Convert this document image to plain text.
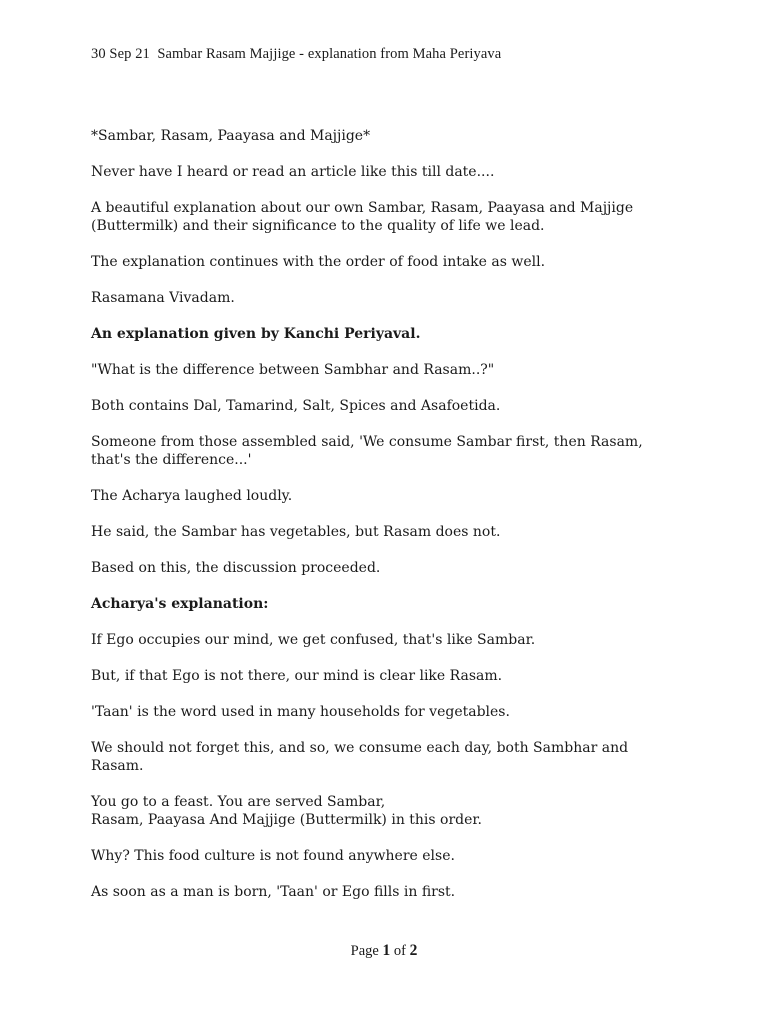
30 Sep 21  Sambar Rasam Majjige - explanation from Maha Periyava

*Sambar, Rasam, Paayasa and Majjige*

Never have I heard or read an article like this till date....

A beautiful explanation about our own Sambar, Rasam, Paayasa and Majjige
(Buttermilk) and their significance to the quality of life we lead.

The explanation continues with the order of food intake as well.

Rasamana Vivadam.

An explanation given by Kanchi Periyaval.

"What is the difference between Sambhar and Rasam..?"

Both contains Dal, Tamarind, Salt, Spices and Asafoetida.

Someone from those assembled said, 'We consume Sambar first, then Rasam,
that's the difference...'

The Acharya laughed loudly.

He said, the Sambar has vegetables, but Rasam does not.

Based on this, the discussion proceeded.

Acharya's explanation:

If Ego occupies our mind, we get confused, that's like Sambar.

But, if that Ego is not there, our mind is clear like Rasam.

'Taan' is the word used in many households for vegetables.

We should not forget this, and so, we consume each day, both Sambhar and
Rasam.

You go to a feast. You are served Sambar,
Rasam, Paayasa And Majjige (Buttermilk) in this order.

Why? This food culture is not found anywhere else.

As soon as a man is born, 'Taan' or Ego fills in first.

Page 1 of 2
